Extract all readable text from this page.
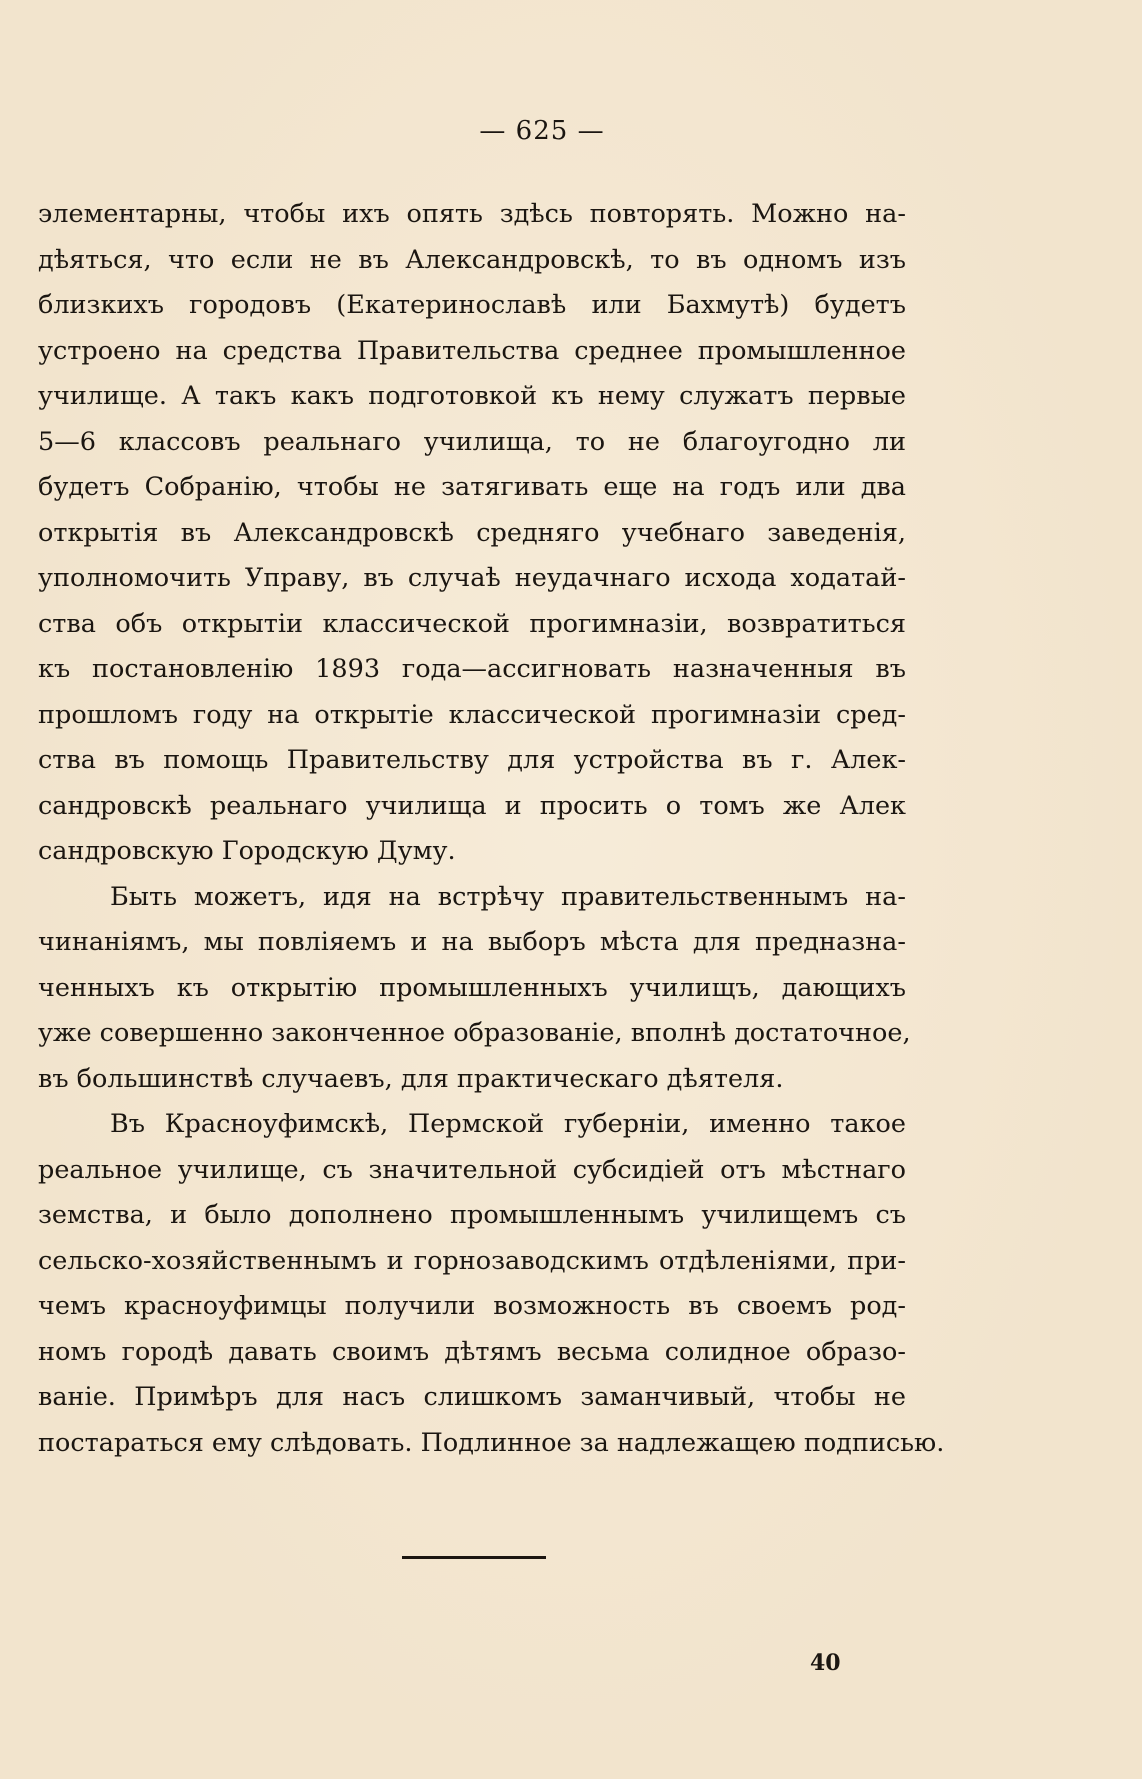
— 625 —
элементарны, чтобы ихъ опять здѣсь повторять. Можно на-
дѣяться, что если не въ Александровскѣ, то въ одномъ изъ
близкихъ городовъ (Екатеринославѣ или Бахмутѣ) будетъ
устроено на средства Правительства среднее промышленное
училище. А такъ какъ подготовкой къ нему служатъ первые
5—6 классовъ реальнаго училища, то не благоугодно ли
будетъ Собранію, чтобы не затягивать еще на годъ или два
открытія въ Александровскѣ средняго учебнаго заведенія,
уполномочить Управу, въ случаѣ неудачнаго исхода ходатай-
ства объ открытіи классической прогимназіи, возвратиться
къ постановленію 1893 года—ассигновать назначенныя въ
прошломъ году на открытіе классической прогимназіи сред-
ства въ помощь Правительству для устройства въ г. Алек-
сандровскѣ реальнаго училища и просить о томъ же Алек
сандровскую Городскую Думу.
Быть можетъ, идя на встрѣчу правительственнымъ на-
чинаніямъ, мы повліяемъ и на выборъ мѣста для предназна-
ченныхъ къ открытію промышленныхъ училищъ, дающихъ
уже совершенно законченное образованіе, вполнѣ достаточное,
въ большинствѣ случаевъ, для практическаго дѣятеля.
Въ Красноуфимскѣ, Пермской губерніи, именно такое
реальное училище, съ значительной субсидіей отъ мѣстнаго
земства, и было дополнено промышленнымъ училищемъ съ
сельско-хозяйственнымъ и горнозаводскимъ отдѣленіями, при-
чемъ красноуфимцы получили возможность въ своемъ род-
номъ городѣ давать своимъ дѣтямъ весьма солидное образо-
ваніе. Примѣръ для насъ слишкомъ заманчивый, чтобы не
постараться ему слѣдовать. Подлинное за надлежащею подписью.
40
